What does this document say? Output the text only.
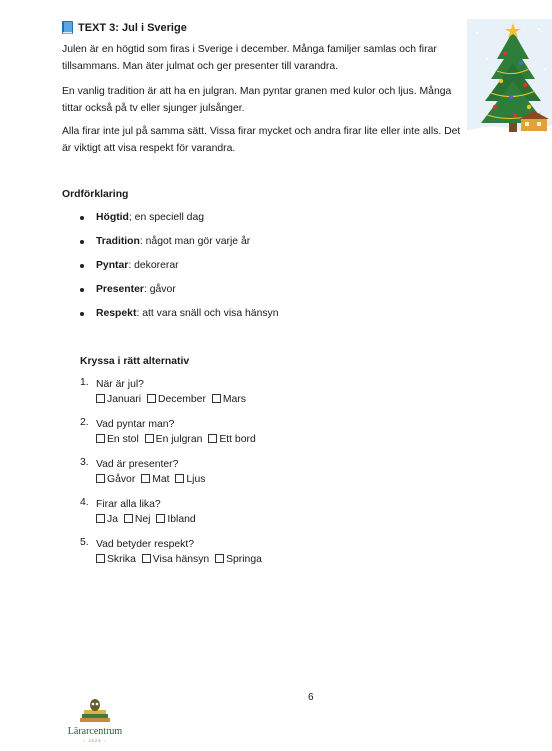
TEXT 3: Jul i Sverige

Julen är en högtid som firas i Sverige i december. Många familjer samlas och firar tillsammans. Man äter julmat och ger presenter till varandra.

En vanlig tradition är att ha en julgran. Man pyntar granen med kulor och ljus. Många tittar också på tv eller sjunger julsånger.

Alla firar inte jul på samma sätt. Vissa firar mycket och andra firar lite eller inte alls. Det är viktigt att visa respekt för varandra.

Ordförklaring
Högtid; en speciell dag
Tradition: något man gör varje år
Pyntar: dekorerar
Presenter: gåvor
Respekt: att vara snäll och visa hänsyn
Kryssa i rätt alternativ
1. När är jul?
Januari December Mars
2. Vad pyntar man?
En stol En julgran Ett bord
3. Vad är presenter?
Gåvor Mat Ljus
4. Firar alla lika?
Ja Nej Ibland
5. Vad betyder respekt?
Skrika Visa hänsyn Springa
6
Lärarcentrum
~ 2025 ~
